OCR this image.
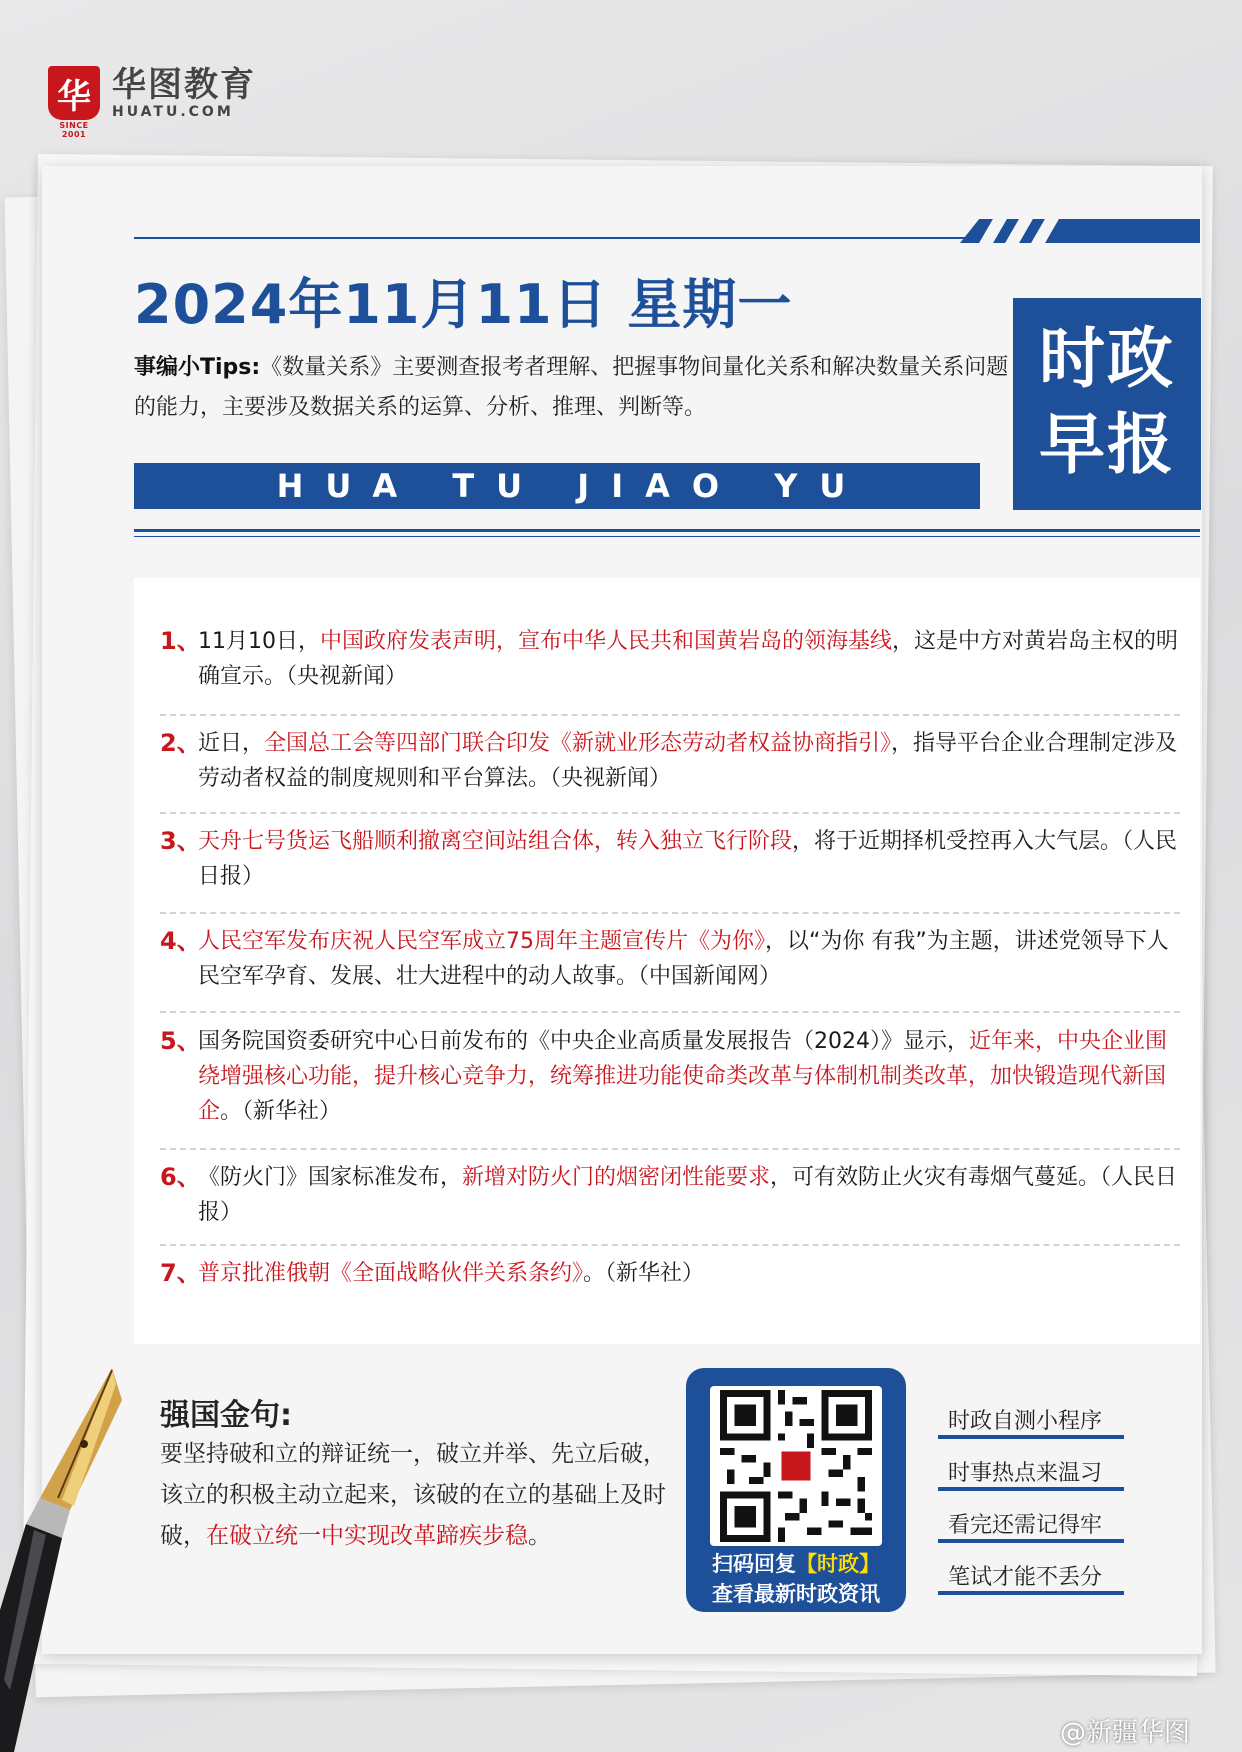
华
SINCE 2001
华图教育
HUATU.COM
2024年11月11日 星期一
事编小Tips:《数量关系》主要测查报考者理解、把握事物间量化关系和解决数量关系问题的能力，主要涉及数据关系的运算、分析、推理、判断等。
时政
早报
HUA TU JIAO YU
1、
11月10日，中国政府发表声明，宣布中华人民共和国黄岩岛的领海基线，这是中方对黄岩岛主权的明确宣示。（央视新闻）
2、
近日，全国总工会等四部门联合印发《新就业形态劳动者权益协商指引》，指导平台企业合理制定涉及劳动者权益的制度规则和平台算法。（央视新闻）
3、
天舟七号货运飞船顺利撤离空间站组合体，转入独立飞行阶段，将于近期择机受控再入大气层。（人民日报）
4、
人民空军发布庆祝人民空军成立75周年主题宣传片《为你》，以“为你 有我”为主题，讲述党领导下人民空军孕育、发展、壮大进程中的动人故事。（中国新闻网）
5、
国务院国资委研究中心日前发布的《中央企业高质量发展报告（2024）》显示，近年来，中央企业围绕增强核心功能，提升核心竞争力，统筹推进功能使命类改革与体制机制类改革，加快锻造现代新国企。（新华社）
6、
《防火门》国家标准发布，新增对防火门的烟密闭性能要求，可有效防止火灾有毒烟气蔓延。（人民日报）
7、
普京批准俄朝《全面战略伙伴关系条约》。（新华社）
强国金句:
要坚持破和立的辩证统一，破立并举、先立后破，该立的积极主动立起来，该破的在立的基础上及时破，在破立统一中实现改革蹄疾步稳。
扫码回复【时政】
查看最新时政资讯
时政自测小程序
时事热点来温习
看完还需记得牢
笔试才能不丢分
@新疆华图
